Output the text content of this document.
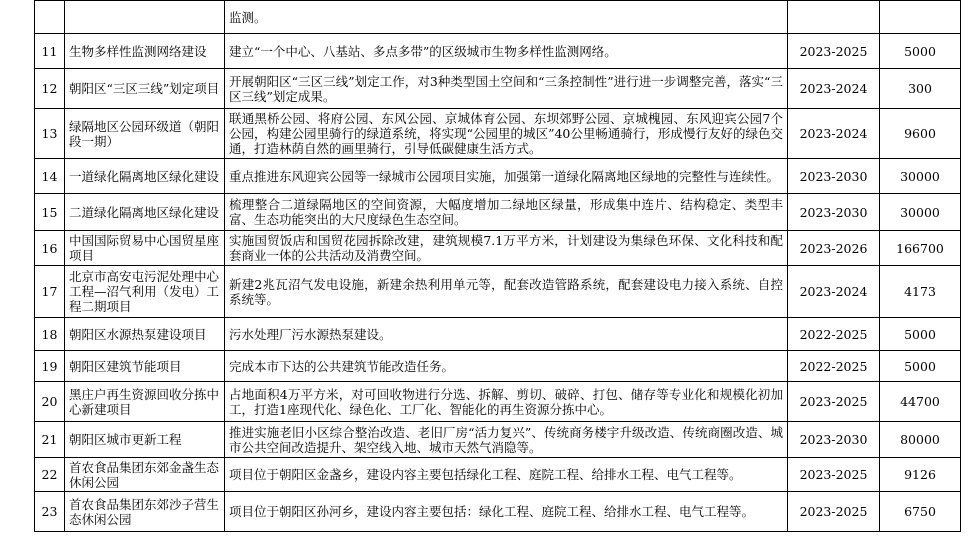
		监测。		
11	生物多样性监测网络建设	建立“一个中心、八基站、多点多带”的区级城市生物多样性监测网络。	2023-2025	5000
12	朝阳区“三区三线”划定项目	开展朝阳区“三区三线”划定工作，对3种类型国土空间和“三条控制性”进行进一步调整完善，落实“三区三线”划定成果。	2023-2024	300
13	绿隔地区公园环级道（朝阳段一期）	联通黑桥公园、将府公园、东风公园、京城体育公园、东坝郊野公园、京城槐园、东风迎宾公园7个公园，构建公园里骑行的绿道系统，将实现“公园里的城区”40公里畅通骑行，形成慢行友好的绿色交通，打造林荫自然的画里骑行，引导低碳健康生活方式。	2023-2024	9600
14	一道绿化隔离地区绿化建设	重点推进东风迎宾公园等一绿城市公园项目实施，加强第一道绿化隔离地区绿地的完整性与连续性。	2023-2030	30000
15	二道绿化隔离地区绿化建设	梳理整合二道绿隔地区的空间资源，大幅度增加二绿地区绿量，形成集中连片、结构稳定、类型丰富、生态功能突出的大尺度绿色生态空间。	2023-2030	30000
16	中国国际贸易中心国贸星座项目	实施国贸饭店和国贸花园拆除改建，建筑规模7.1万平方米，计划建设为集绿色环保、文化科技和配套商业一体的公共活动及消费空间。	2023-2026	166700
17	北京市高安屯污泥处理中心工程—沼气利用（发电）工程二期项目	新建2兆瓦沼气发电设施，新建余热利用单元等，配套改造管路系统，配套建设电力接入系统、自控系统等。	2023-2024	4173
18	朝阳区水源热泵建设项目	污水处理厂污水源热泵建设。	2022-2025	5000
19	朝阳区建筑节能项目	完成本市下达的公共建筑节能改造任务。	2022-2025	5000
20	黑庄户再生资源回收分拣中心新建项目	占地面积4万平方米，对可回收物进行分选、拆解、剪切、破碎、打包、储存等专业化和规模化初加工，打造1座现代化、绿色化、工厂化、智能化的再生资源分拣中心。	2023-2025	44700
21	朝阳区城市更新工程	推进实施老旧小区综合整治改造、老旧厂房“活力复兴”、传统商务楼宇升级改造、传统商圈改造、城市公共空间改造提升、架空线入地、城市天然气消隐等。	2023-2030	80000
22	首农食品集团东郊金盏生态休闲公园	项目位于朝阳区金盏乡，建设内容主要包括绿化工程、庭院工程、给排水工程、电气工程等。	2023-2025	9126
23	首农食品集团东郊沙子营生态休闲公园	项目位于朝阳区孙河乡，建设内容主要包括：绿化工程、庭院工程、给排水工程、电气工程等。	2023-2025	6750
